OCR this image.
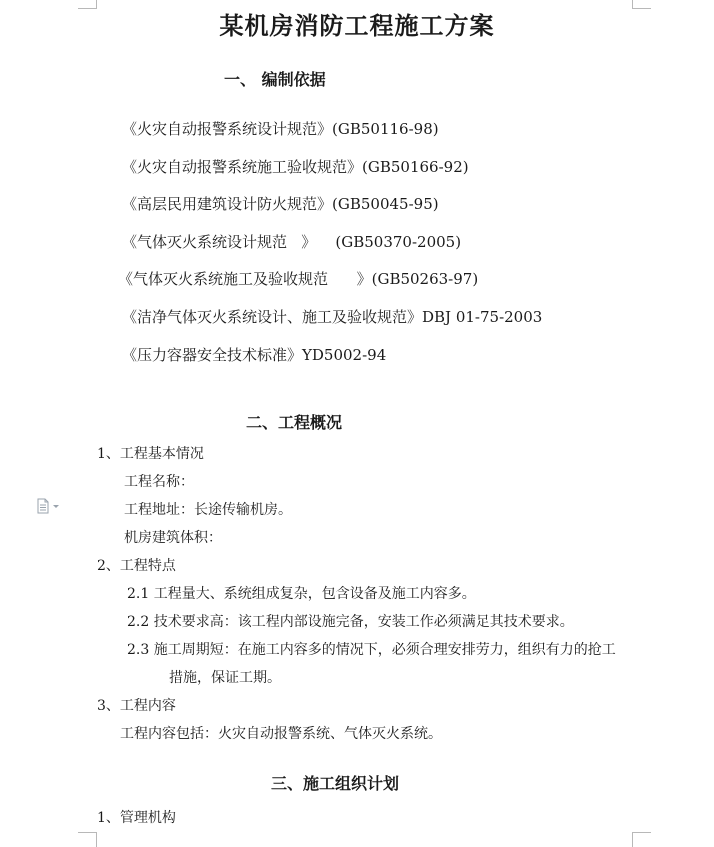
某机房消防工程施工方案
一、 编制依据
《火灾自动报警系统设计规范》(GB50116-98)
《火灾自动报警系统施工验收规范》(GB50166-92)
《高层民用建筑设计防火规范》(GB50045-95)
《气体灭火系统设计规范   》    (GB50370-2005)
《气体灭火系统施工及验收规范      》(GB50263-97)
《洁净气体灭火系统设计、施工及验收规范》DBJ 01-75-2003
《压力容器安全技术标准》YD5002-94
二、工程概况
1、工程基本情况
工程名称：
工程地址：长途传输机房。
机房建筑体积：
2、工程特点
2.1 工程量大、系统组成复杂，包含设备及施工内容多。
2.2 技术要求高：该工程内部设施完备，安装工作必须满足其技术要求。
2.3 施工周期短：在施工内容多的情况下，必须合理安排劳力，组织有力的抢工
措施，保证工期。
3、工程内容
工程内容包括：火灾自动报警系统、气体灭火系统。
三、施工组织计划
1、管理机构
